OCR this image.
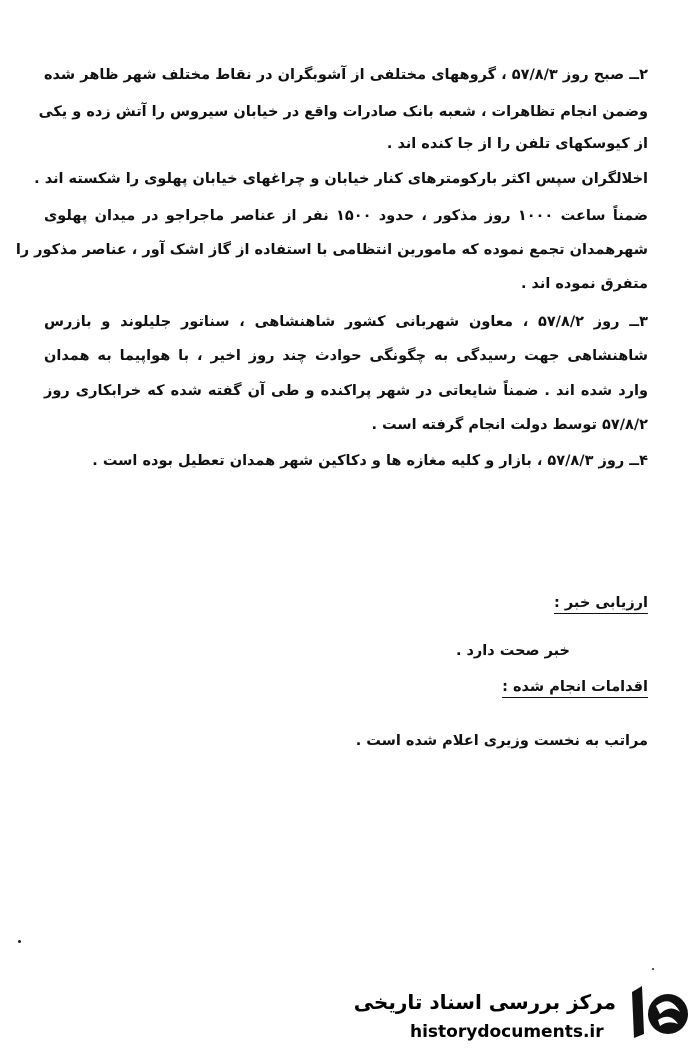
۲ــ صبح روز ۵۷/۸/۳ ، گروههای مختلفی از آشوبگران در نقاط مختلف شهر ظاهر شده
وضمن انجام تظاهرات ، شعبه بانک صادرات واقع در خیابان سیروس را آتش زده و یکی
از کیوسکهای تلفن را از جا کنده اند .
اخلالگران سپس اکثر بارکومترهای کنار خیابان و چراغهای خیابان پهلوی را شکسته اند .
ضمناً ساعت ۱۰۰۰ روز مذکور ، حدود ۱۵۰۰ نفر از عناصر ماجراجو در میدان پهلوی
شهرهمدان تجمع نموده که مامورین انتظامی با استفاده از گاز اشک آور ، عناصر مذکور را
متفرق نموده اند .
۳ــ روز ۵۷/۸/۲ ، معاون شهربانی کشور شاهنشاهی ، سناتور جلیلوند و بازرس
شاهنشاهی جهت رسیدگی به چگونگی حوادث چند روز اخیر ، با هواپیما به همدان
وارد شده اند . ضمناً شایعاتی در شهر پراکنده و طی آن گفته شده که خرابکاری روز
۵۷/۸/۲ توسط دولت انجام گرفته است .
۴ــ روز ۵۷/۸/۳ ، بازار و کلیه مغازه ها و دکاکین شهر همدان تعطیل بوده است .
ارزیابی خبر :
خبر صحت دارد .
اقدامات انجام شده :
مراتب به نخست وزیری اعلام شده است .
مرکز بررسی اسناد تاریخی
historydocuments.ir
